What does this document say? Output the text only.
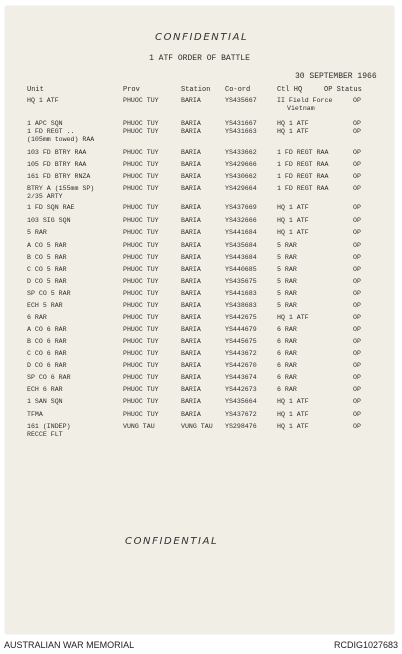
CONFIDENTIAL
1 ATF ORDER OF BATTLE
30 SEPTEMBER 1966
Unit	Prov	Station Co-ord	Ctl HQ	OP Status
HQ 1 ATF	PHUOC TUY	BARIA	YS435667	II Field Force	OP
Vietnam
1 APC SQN	PHUOC TUY	BARIA	YS431667	HQ 1 ATF	OP
1 FD REGT ..	PHUOC TUY	BARIA	YS431663	HQ 1 ATF	OP
(105mm towed) RAA
103 FD BTRY RAA	PHUOC TUY	BARIA	YS433662	1 FD REGT RAA	OP
105 FD BTRY RAA	PHUOC TUY	BARIA	YS429666	1 FD REGT RAA	OP
161 FD BTRY RNZA	PHUOC TUY	BARIA	YS430662	1 FD REGT RAA	OP
BTRY A (155mm SP)	PHUOC TUY	BARIA	YS429664	1 FD REGT RAA	OP
2/35 ARTY
1 FD SQN RAE	PHUOC TUY	BARIA	YS437669	HQ 1 ATF	OP
103 SIG SQN	PHUOC TUY	BARIA	YS432666	HQ 1 ATF	OP
5 RAR	PHUOC TUY	BARIA	YS441684	HQ 1 ATF	OP
A CO 5 RAR	PHUOC TUY	BARIA	YS435684	5 RAR	OP
B CO 5 RAR	PHUOC TUY	BARIA	YS443684	5 RAR	OP
C CO 5 RAR	PHUOC TUY	BARIA	YS440685	5 RAR	OP
D CO 5 RAR	PHUOC TUY	BARIA	YS435675	5 RAR	OP
SP CO 5 RAR	PHUOC TUY	BARIA	YS441683	5 RAR	OP
ECH 5 RAR	PHUOC TUY	BARIA	YS438683	5 RAR	OP
6 RAR	PHUOC TUY	BARIA	YS442675	HQ 1 ATF	OP
A CO 6 RAR	PHUOC TUY	BARIA	YS444679	6 RAR	OP
B CO 6 RAR	PHUOC TUY	BARIA	YS445675	6 RAR	OP
C CO 6 RAR	PHUOC TUY	BARIA	YS443672	6 RAR	OP
D CO 6 RAR	PHUOC TUY	BARIA	YS442670	6 RAR	OP
SP CO 6 RAR	PHUOC TUY	BARIA	YS443674	6 RAR	OP
ECH 6 RAR	PHUOC TUY	BARIA	YS442673	6 RAR	OP
1 SAN SQN	PHUOC TUY	BARIA	YS435664	HQ 1 ATF	OP
TFMA	PHUOC TUY	BARIA	YS437672	HQ 1 ATF	OP
161 (INDEP)	VUNG TAU	VUNG TAU YS298476	HQ 1 ATF	OP
RECCE FLT
CONFIDENTIAL
AUSTRALIAN WAR MEMORIAL	RCDIG1027683
